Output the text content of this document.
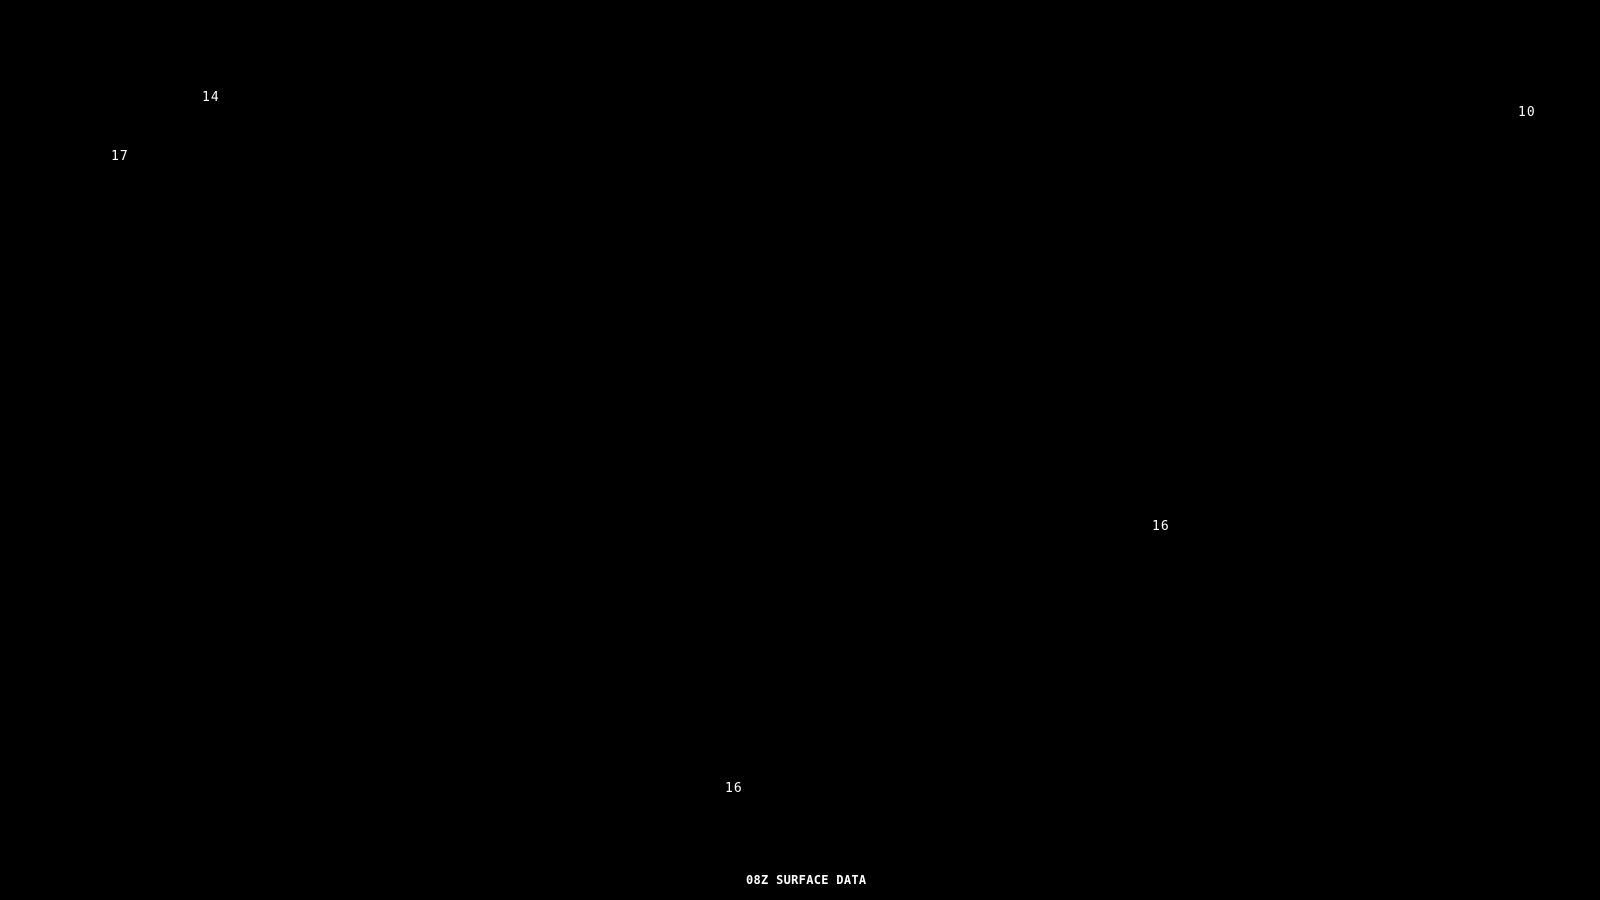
14
17
10
16
16
08Z SURFACE DATA
